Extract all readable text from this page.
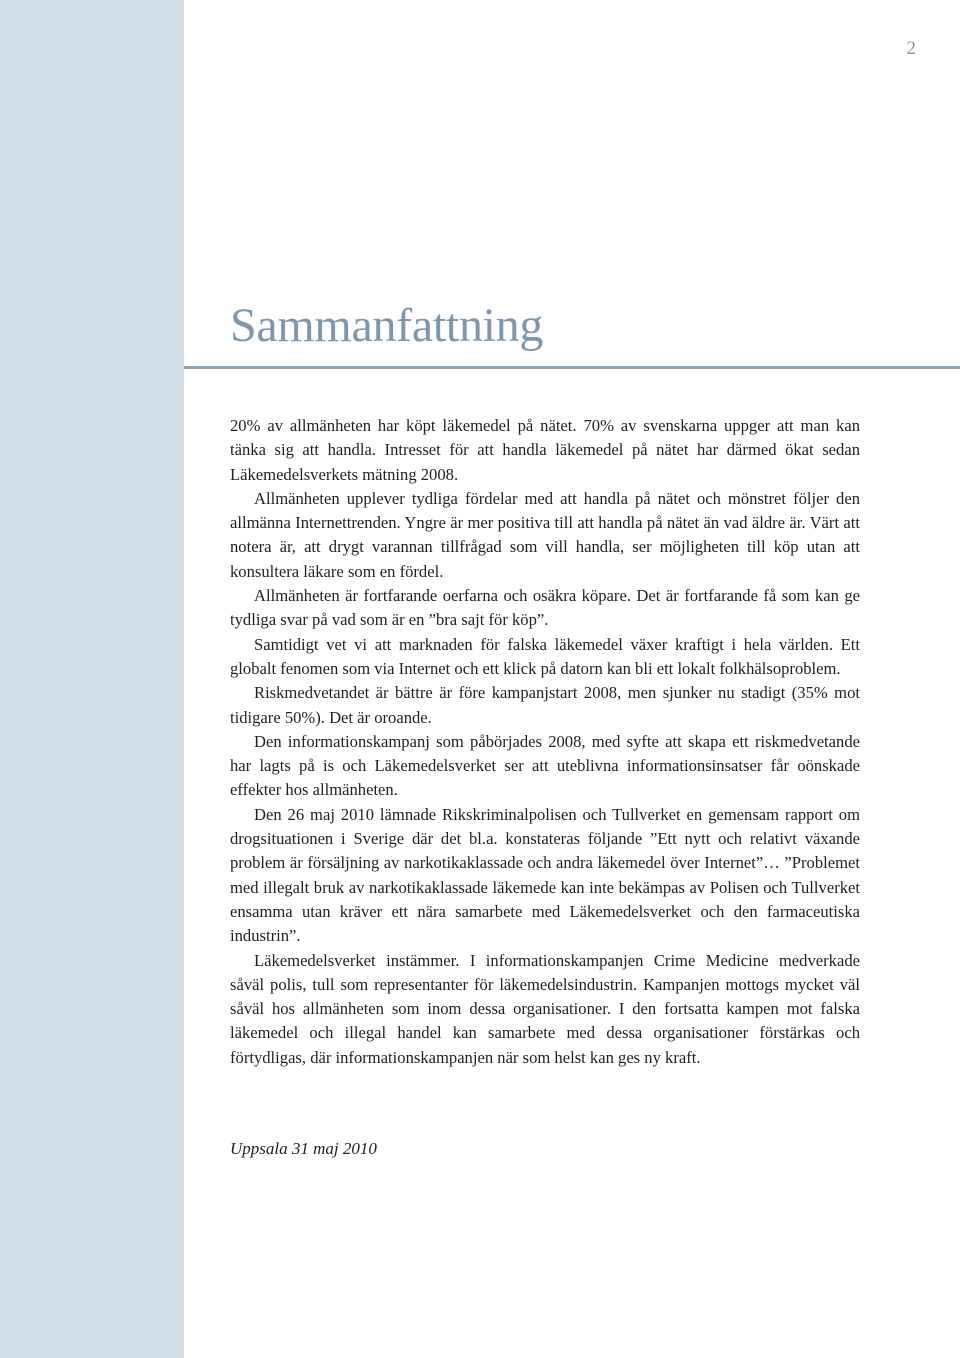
2
Sammanfattning

20% av allmänheten har köpt läkemedel på nätet. 70% av svenskarna uppger att man kan tänka sig att handla. Intresset för att handla läkemedel på nätet har därmed ökat sedan Läkemedelsverkets mätning 2008.

Allmänheten upplever tydliga fördelar med att handla på nätet och mönstret följer den allmänna Internettrenden. Yngre är mer positiva till att handla på nätet än vad äldre är. Värt att notera är, att drygt varannan tillfrågad som vill handla, ser möjligheten till köp utan att konsultera läkare som en fördel.

Allmänheten är fortfarande oerfarna och osäkra köpare. Det är fortfarande få som kan ge tydliga svar på vad som är en ”bra sajt för köp”.

Samtidigt vet vi att marknaden för falska läkemedel växer kraftigt i hela världen. Ett globalt fenomen som via Internet och ett klick på datorn kan bli ett lokalt folkhälsoproblem.

Riskmedvetandet är bättre är före kampanjstart 2008, men sjunker nu stadigt (35% mot tidigare 50%). Det är oroande.

Den informationskampanj som påbörjades 2008, med syfte att skapa ett riskmedvetande har lagts på is och Läkemedelsverket ser att uteblivna informationsinsatser får oönskade effekter hos allmänheten.

Den 26 maj 2010 lämnade Rikskriminalpolisen och Tullverket en gemensam rapport om drogsituationen i Sverige där det bl.a. konstateras följande ”Ett nytt och relativt växande problem är försäljning av narkotikaklassade och andra läkemedel över Internet”… ”Problemet med illegalt bruk av narkotikaklassade läkemede kan inte bekämpas av Polisen och Tullverket ensamma utan kräver ett nära samarbete med Läkemedelsverket och den farmaceutiska industrin”.

Läkemedelsverket instämmer. I informationskampanjen Crime Medicine medverkade såväl polis, tull som representanter för läkemedelsindustrin. Kampanjen mottogs mycket väl såväl hos allmänheten som inom dessa organisationer. I den fortsatta kampen mot falska läkemedel och illegal handel kan samarbete med dessa organisationer förstärkas och förtydligas, där informationskampanjen när som helst kan ges ny kraft.

Uppsala 31 maj 2010
